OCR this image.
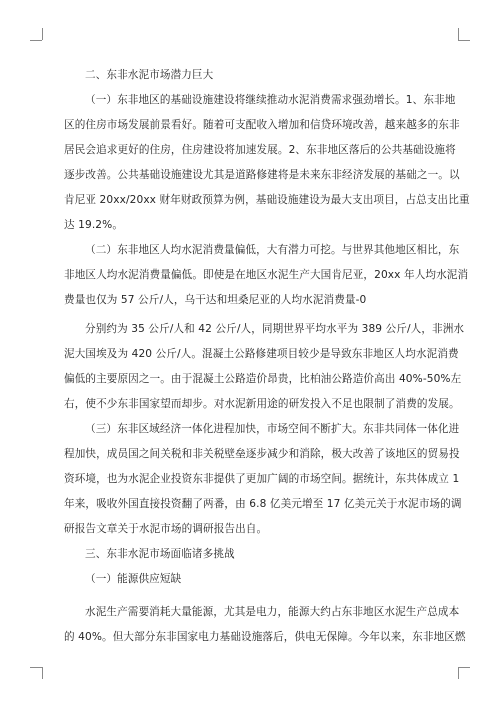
二、东非水泥市场潜力巨大
（一）东非地区的基础设施建设将继续推动水泥消费需求强劲增长。1、东非地
区的住房市场发展前景看好。随着可支配收入增加和信贷环境改善，越来越多的东非
居民会追求更好的住房，住房建设将加速发展。2、东非地区落后的公共基础设施将
逐步改善。公共基础设施建设尤其是道路修建将是未来东非经济发展的基础之一。以
肯尼亚 20xx/20xx 财年财政预算为例，基础设施建设为最大支出项目，占总支出比重
达 19.2%。
（二）东非地区人均水泥消费量偏低，大有潜力可挖。与世界其他地区相比，东
非地区人均水泥消费量偏低。即使是在地区水泥生产大国肯尼亚，20xx 年人均水泥消
费量也仅为 57 公斤/人，乌干达和坦桑尼亚的人均水泥消费量-0
分别约为 35 公斤/人和 42 公斤/人，同期世界平均水平为 389 公斤/人，非洲水
泥大国埃及为 420 公斤/人。混凝土公路修建项目较少是导致东非地区人均水泥消费
偏低的主要原因之一。由于混凝土公路造价昂贵，比柏油公路造价高出 40%-50%左
右，使不少东非国家望而却步。对水泥新用途的研发投入不足也限制了消费的发展。
（三）东非区域经济一体化进程加快，市场空间不断扩大。东非共同体一体化进
程加快，成员国之间关税和非关税壁垒逐步减少和消除，极大改善了该地区的贸易投
资环境，也为水泥企业投资东非提供了更加广阔的市场空间。据统计，东共体成立 1
年来，吸收外国直接投资翻了两番，由 6.8 亿美元增至 17 亿美元关于水泥市场的调
研报告文章关于水泥市场的调研报告出自。
三、东非水泥市场面临诸多挑战
（一）能源供应短缺
水泥生产需要消耗大量能源，尤其是电力，能源大约占东非地区水泥生产总成本
的 40%。但大部分东非国家电力基础设施落后，供电无保障。今年以来，东非地区燃
